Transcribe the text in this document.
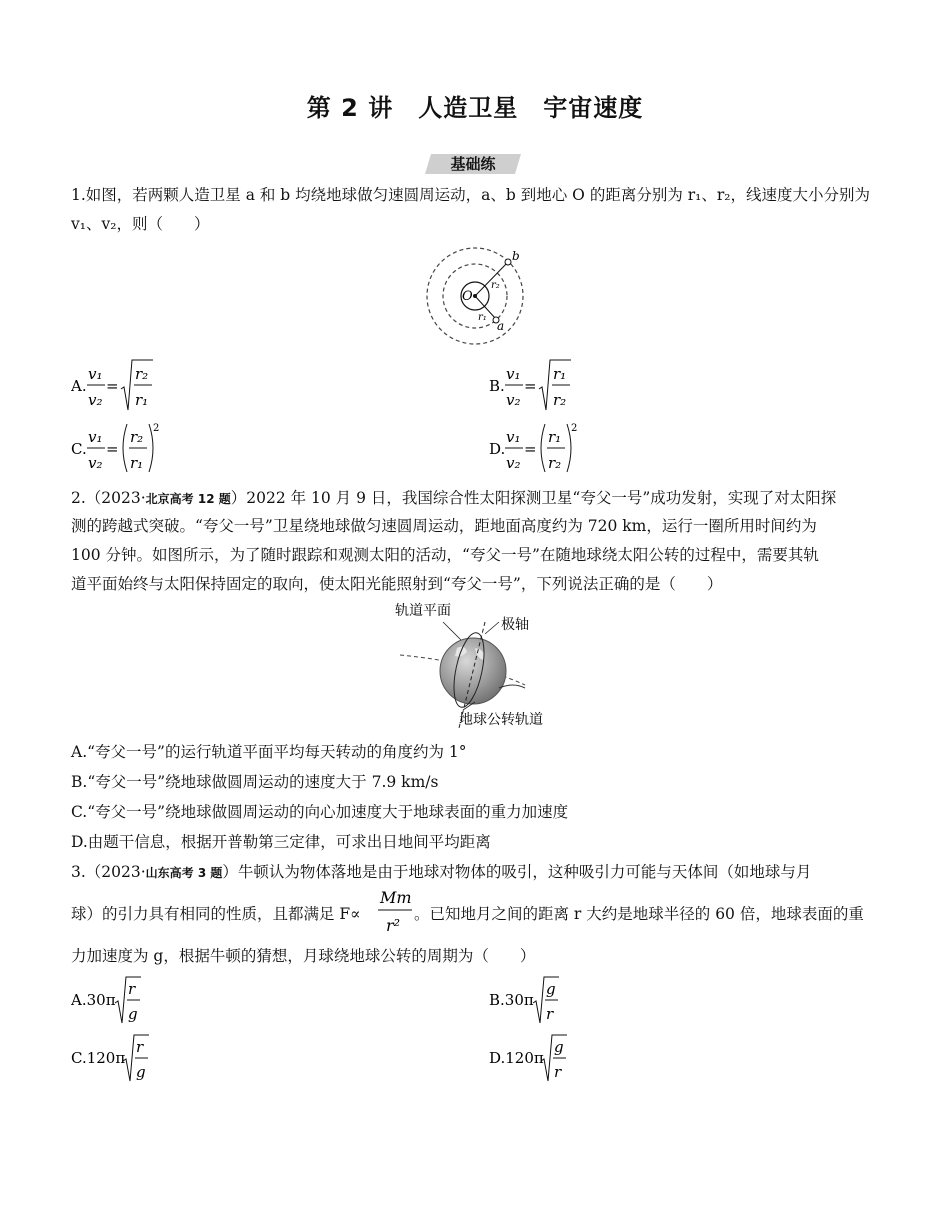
第 2 讲　人造卫星　宇宙速度
基础练
1.如图，若两颗人造卫星 a 和 b 均绕地球做匀速圆周运动，a、b 到地心 O 的距离分别为 r₁、r₂，线速度大小分别为
v₁、v₂，则（　　）
O
b
a
r₂
r₁
A.
v₁
v₂
=
r₂
r₁
B.
v₁
v₂
=
r₁
r₂
C.
v₁
v₂
=
r₂
r₁
2
D.
v₁
v₂
=
r₁
r₂
2
2.（2023·北京高考 12 题）2022 年 10 月 9 日，我国综合性太阳探测卫星“夸父一号”成功发射，实现了对太阳探
测的跨越式突破。“夸父一号”卫星绕地球做匀速圆周运动，距地面高度约为 720 km，运行一圈所用时间约为
100 分钟。如图所示，为了随时跟踪和观测太阳的活动，“夸父一号”在随地球绕太阳公转的过程中，需要其轨
道平面始终与太阳保持固定的取向，使太阳光能照射到“夸父一号”，下列说法正确的是（　　）
轨道平面
极轴
地球公转轨道
A.“夸父一号”的运行轨道平面平均每天转动的角度约为 1°
B.“夸父一号”绕地球做圆周运动的速度大于 7.9 km/s
C.“夸父一号”绕地球做圆周运动的向心加速度大于地球表面的重力加速度
D.由题干信息，根据开普勒第三定律，可求出日地间平均距离
3.（2023·山东高考 3 题）牛顿认为物体落地是由于地球对物体的吸引，这种吸引力可能与天体间（如地球与月
球）的引力具有相同的性质，且都满足 F∝
Mm
r²
。已知地月之间的距离 r 大约是地球半径的 60 倍，地球表面的重
力加速度为 g，根据牛顿的猜想，月球绕地球公转的周期为（　　）
A.30π
r
g
B.30π
g
r
C.120π
r
g
D.120π
g
r
